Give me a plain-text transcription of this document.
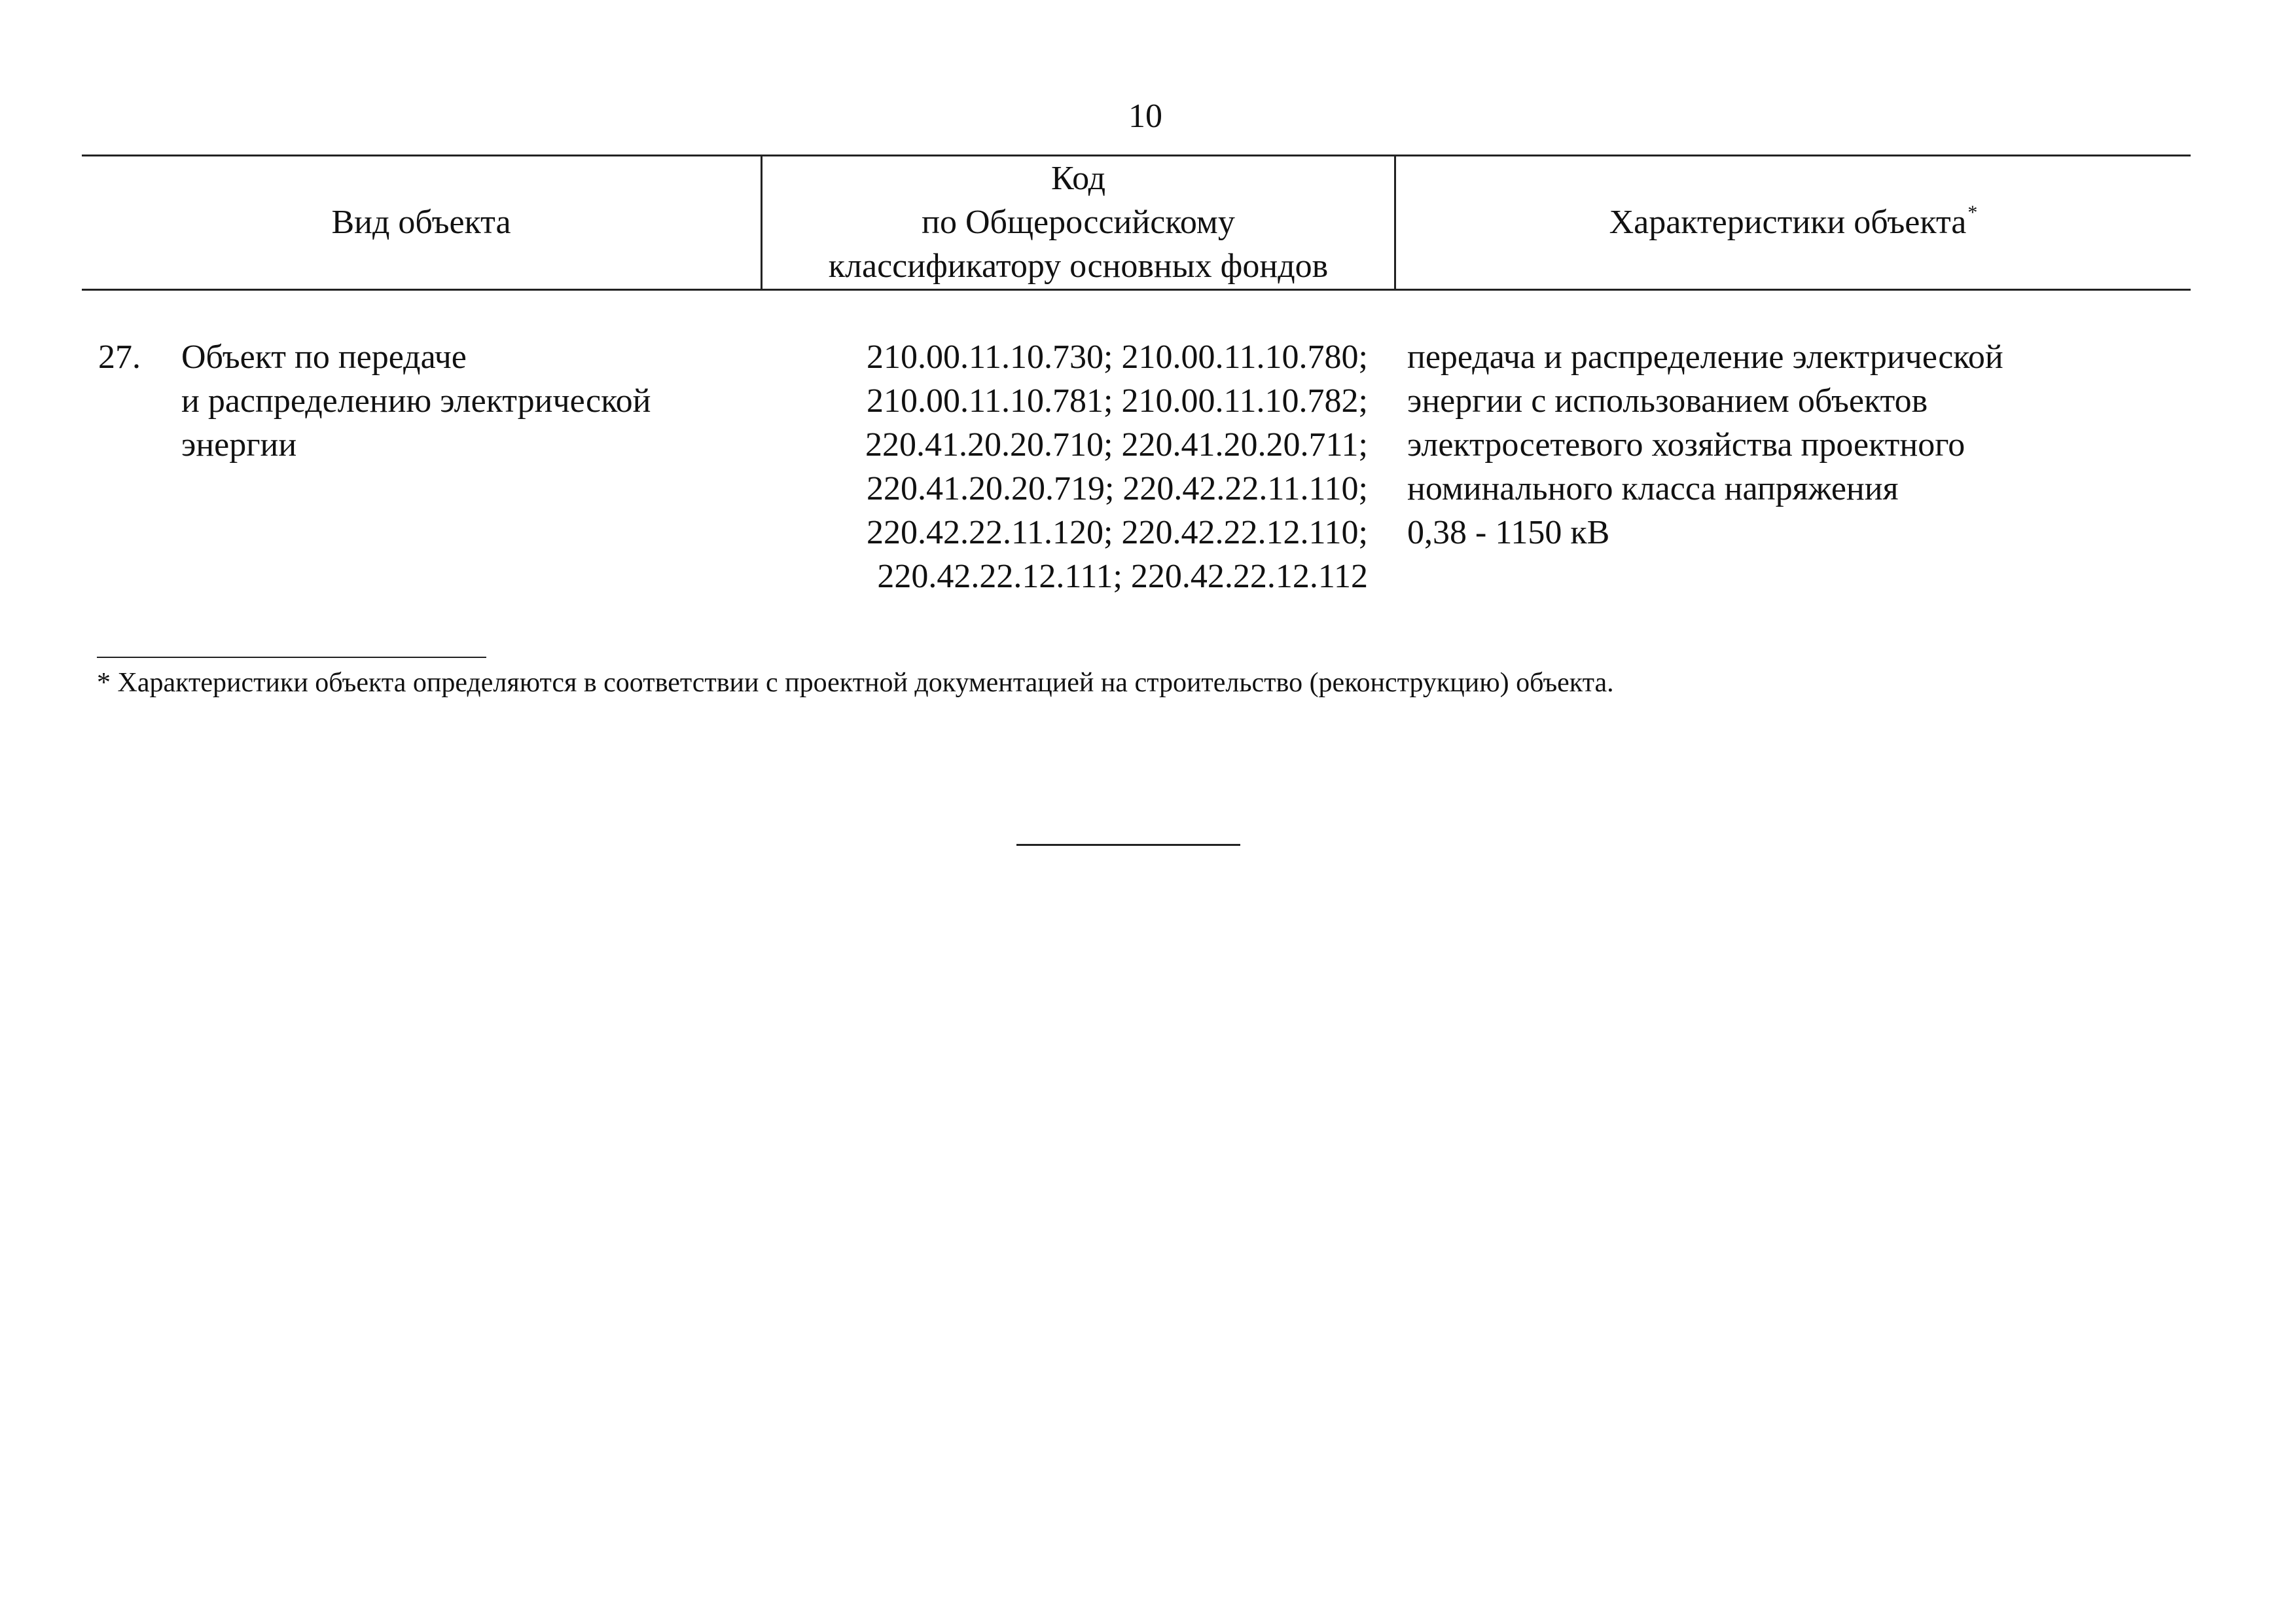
10
Вид объекта
Код
по Общероссийскому
классификатору основных фондов
Характеристики объекта*
27. Объект по передаче
и распределению электрической
энергии
210.00.11.10.730; 210.00.11.10.780;
210.00.11.10.781; 210.00.11.10.782;
220.41.20.20.710; 220.41.20.20.711;
220.41.20.20.719; 220.42.22.11.110;
220.42.22.11.120; 220.42.22.12.110;
220.42.22.12.111; 220.42.22.12.112
передача и распределение электрической
энергии с использованием объектов
электросетевого хозяйства проектного
номинального класса напряжения
0,38 - 1150 кВ
* Характеристики объекта определяются в соответствии с проектной документацией на строительство (реконструкцию) объекта.
